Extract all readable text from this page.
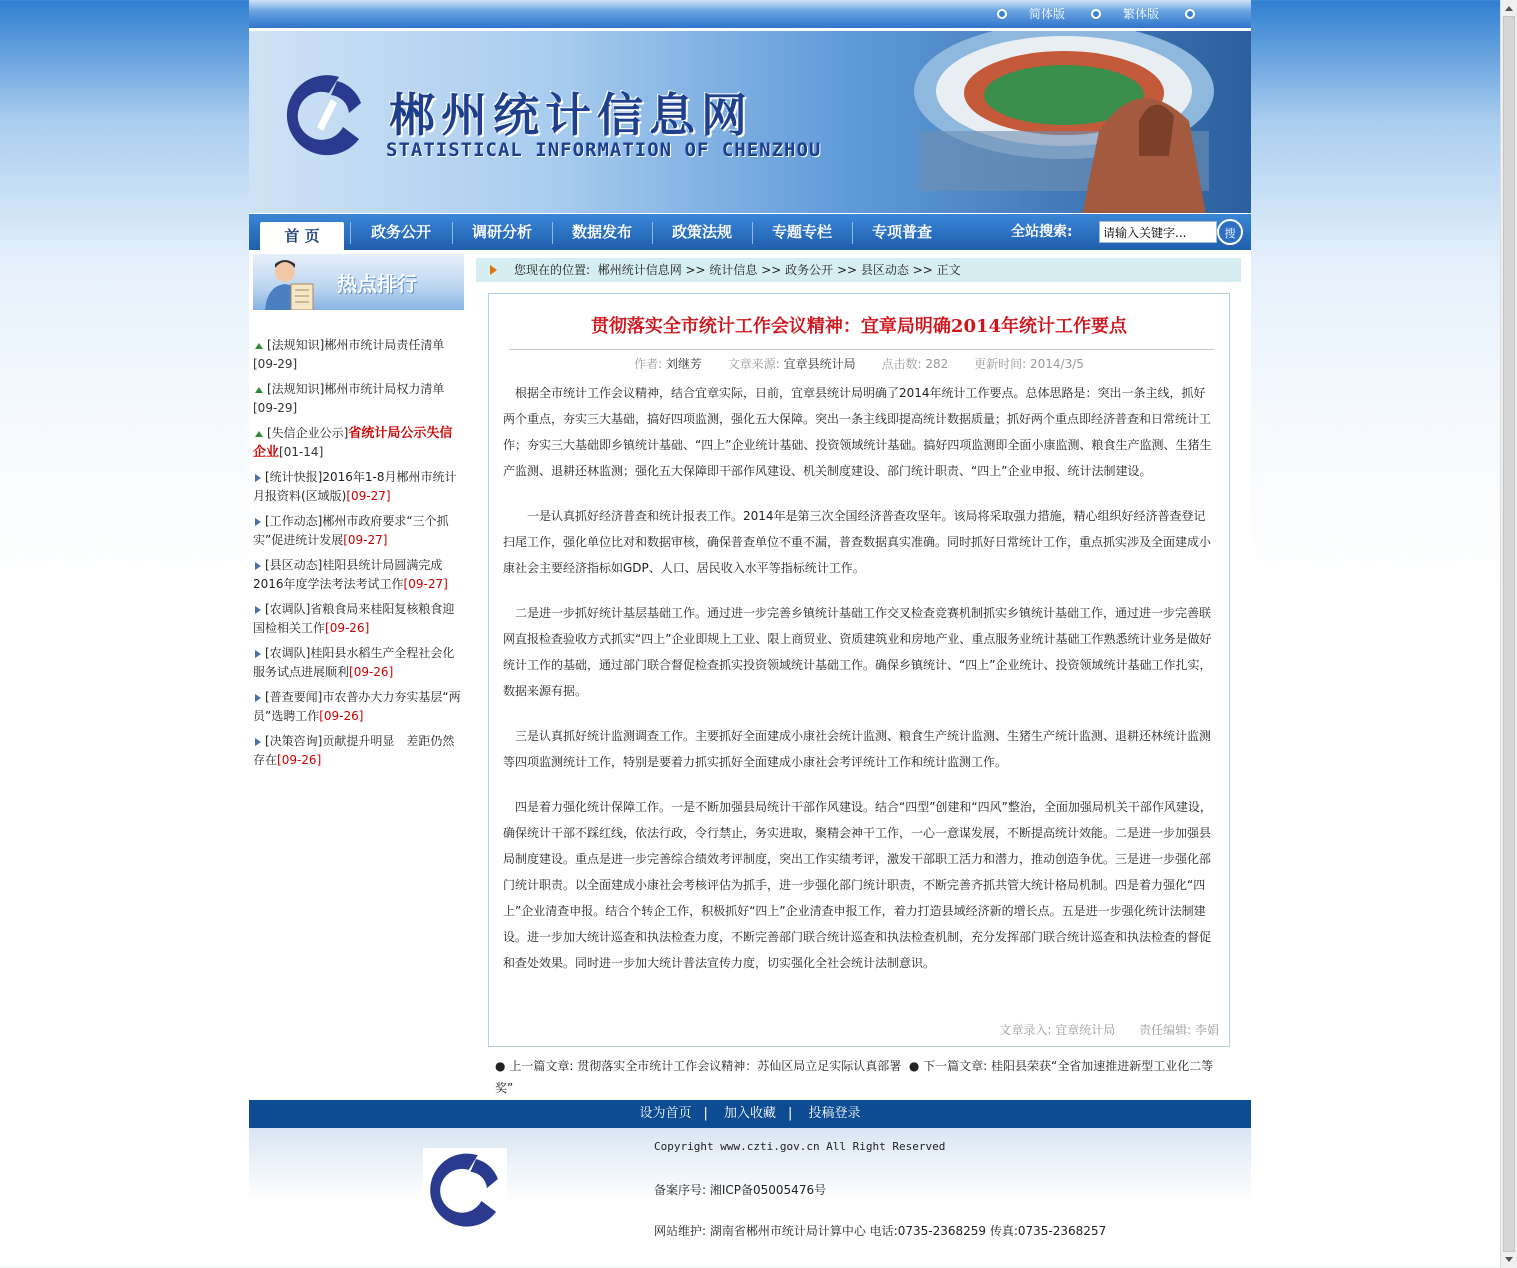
简体版	繁体版
郴州统计信息网
STATISTICAL INFORMATION OF CHENZHOU
首 页	政务公开	调研分析	数据发布	政策法规	专题专栏	专项普查	全站搜索:
请输入关键字...	搜
热点排行
[法规知识]郴州市统计局责任清单
[09-29]
[法规知识]郴州市统计局权力清单
[09-29]
[失信企业公示]省统计局公示失信企业[01-14]
[统计快报]2016年1-8月郴州市统计月报资料(区域版)[09-27]
[工作动态]郴州市政府要求“三个抓实”促进统计发展[09-27]
[县区动态]桂阳县统计局圆满完成2016年度学法考法考试工作[09-27]
[农调队]省粮食局来桂阳复核粮食迎国检相关工作[09-26]
[农调队]桂阳县水稻生产全程社会化服务试点进展顺利[09-26]
[普查要闻]市农普办大力夯实基层“两员”选聘工作[09-26]
[决策咨询]贡献提升明显　差距仍然存在[09-26]
您现在的位置: 郴州统计信息网 >> 统计信息 >> 政务公开 >> 县区动态 >> 正文
贯彻落实全市统计工作会议精神：宜章局明确2014年统计工作要点
作者: 刘继芳 文章来源: 宜章县统计局 点击数: 282 更新时间: 2014/3/5

根据全市统计工作会议精神，结合宜章实际，日前，宜章县统计局明确了2014年统计工作要点。总体思路是：突出一条主线，抓好两个重点，夯实三大基础，搞好四项监测，强化五大保障。突出一条主线即提高统计数据质量；抓好两个重点即经济普查和日常统计工作；夯实三大基础即乡镇统计基础、“四上”企业统计基础、投资领域统计基础。搞好四项监测即全面小康监测、粮食生产监测、生猪生产监测、退耕还林监测；强化五大保障即干部作风建设、机关制度建设、部门统计职责、“四上”企业申报、统计法制建设。

　一是认真抓好经济普查和统计报表工作。2014年是第三次全国经济普查攻坚年。该局将采取强力措施，精心组织好经济普查登记扫尾工作，强化单位比对和数据审核，确保普查单位不重不漏，普查数据真实准确。同时抓好日常统计工作，重点抓实涉及全面建成小康社会主要经济指标如GDP、人口、居民收入水平等指标统计工作。

二是进一步抓好统计基层基础工作。通过进一步完善乡镇统计基础工作交叉检查竞赛机制抓实乡镇统计基础工作，通过进一步完善联网直报检查验收方式抓实“四上”企业即规上工业、限上商贸业、资质建筑业和房地产业、重点服务业统计基础工作熟悉统计业务是做好统计工作的基础，通过部门联合督促检查抓实投资领域统计基础工作。确保乡镇统计、“四上”企业统计、投资领域统计基础工作扎实，数据来源有据。

三是认真抓好统计监测调查工作。主要抓好全面建成小康社会统计监测、粮食生产统计监测、生猪生产统计监测、退耕还林统计监测等四项监测统计工作，特别是要着力抓实抓好全面建成小康社会考评统计工作和统计监测工作。

四是着力强化统计保障工作。一是不断加强县局统计干部作风建设。结合“四型”创建和“四风”整治，全面加强局机关干部作风建设，确保统计干部不踩红线，依法行政，令行禁止，务实进取，聚精会神干工作，一心一意谋发展，不断提高统计效能。二是进一步加强县局制度建设。重点是进一步完善综合绩效考评制度，突出工作实绩考评，激发干部职工活力和潜力，推动创造争优。三是进一步强化部门统计职责。以全面建成小康社会考核评估为抓手，进一步强化部门统计职责，不断完善齐抓共管大统计格局机制。四是着力强化“四上”企业清查申报。结合个转企工作，积极抓好“四上”企业清查申报工作，着力打造县域经济新的增长点。五是进一步强化统计法制建设。进一步加大统计巡查和执法检查力度，不断完善部门联合统计巡查和执法检查机制，充分发挥部门联合统计巡查和执法检查的督促和查处效果。同时进一步加大统计普法宣传力度，切实强化全社会统计法制意识。

文章录入: 宜章统计局 责任编辑: 李娟
● 上一篇文章: 贯彻落实全市统计工作会议精神：苏仙区局立足实际认真部署 ● 下一篇文章: 桂阳县荣获“全省加速推进新型工业化二等奖”
设为首页 | 加入收藏 | 投稿登录
Copyright www.czti.gov.cn All Right Reserved
备案序号: 湘ICP备05005476号
网站维护: 湖南省郴州市统计局计算中心 电话:0735-2368259 传真:0735-2368257
